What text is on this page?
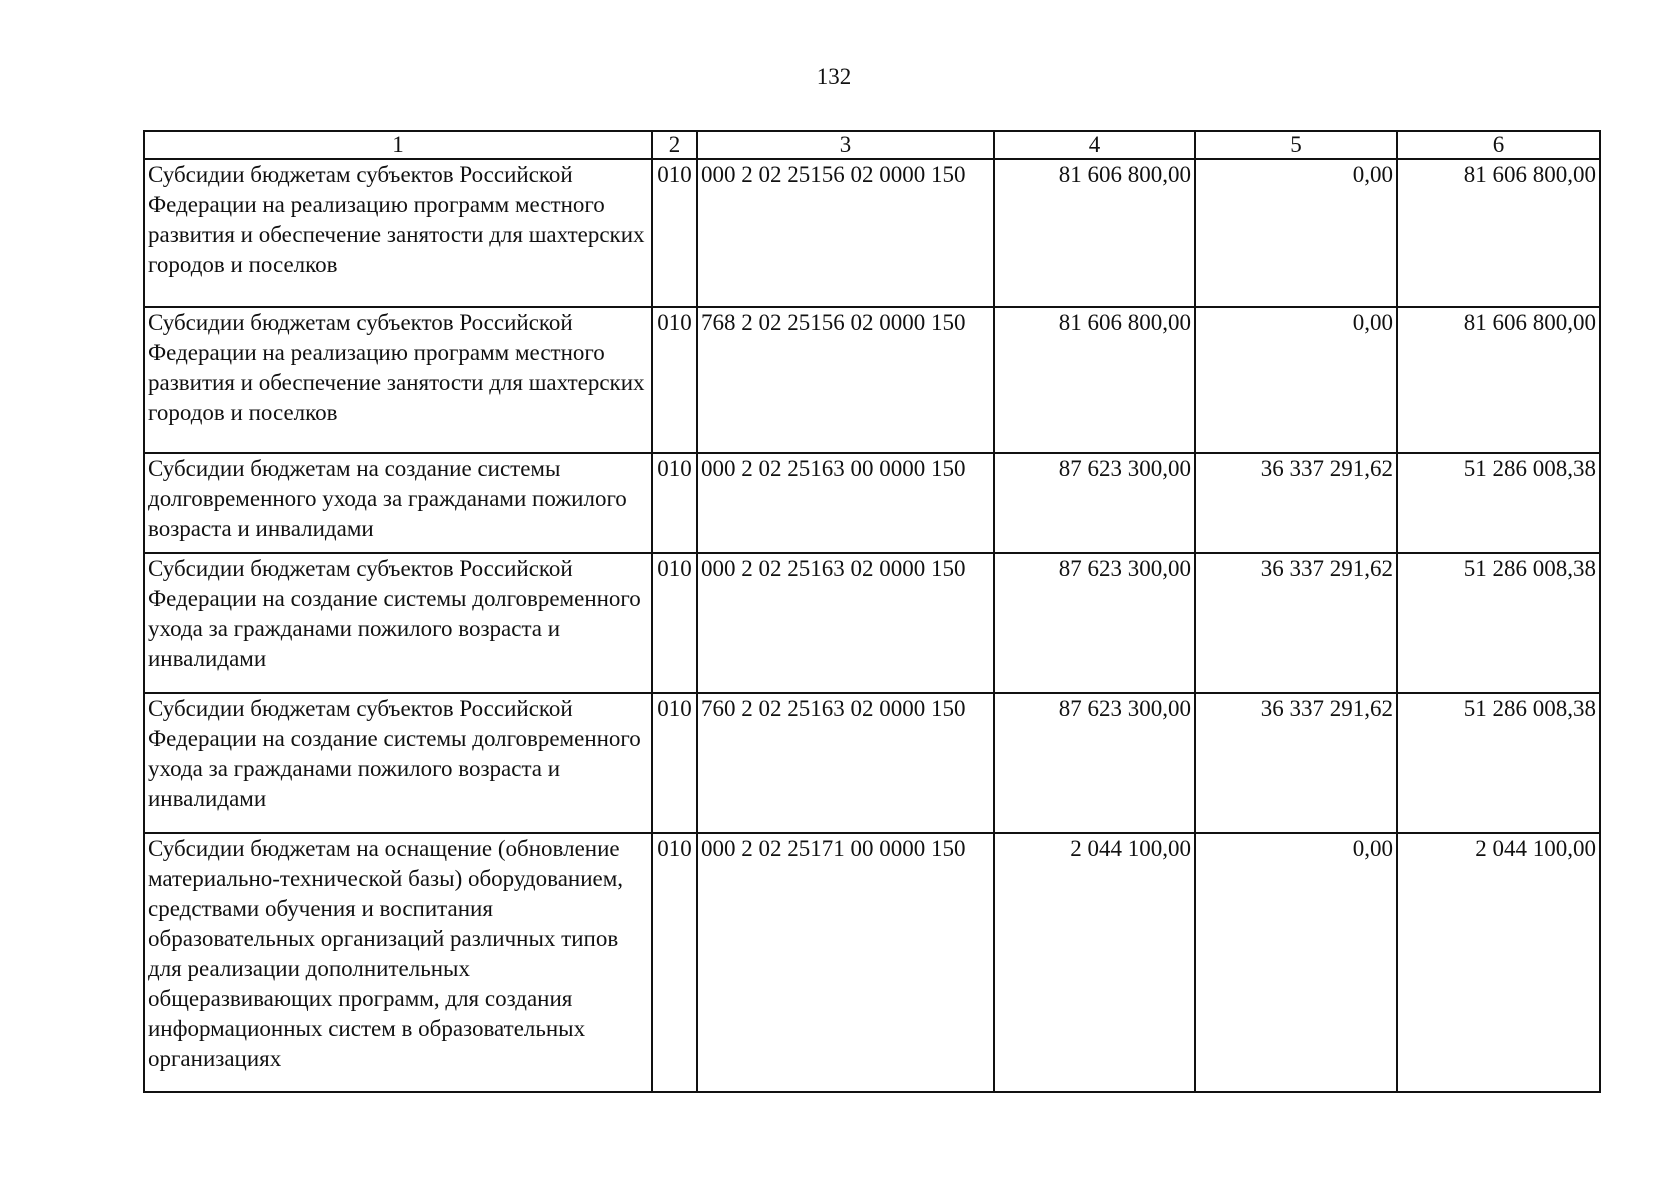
132
1	2	3	4	5	6
Субсидии бюджетам субъектов Российской Федерации на реализацию программ местного развития и обеспечение занятости для шахтерских городов и поселков	010	000 2 02 25156 02 0000 150	81 606 800,00	0,00	81 606 800,00
Субсидии бюджетам субъектов Российской Федерации на реализацию программ местного развития и обеспечение занятости для шахтерских городов и поселков	010	768 2 02 25156 02 0000 150	81 606 800,00	0,00	81 606 800,00
Субсидии бюджетам на создание системы долговременного ухода за гражданами пожилого возраста и инвалидами	010	000 2 02 25163 00 0000 150	87 623 300,00	36 337 291,62	51 286 008,38
Субсидии бюджетам субъектов Российской Федерации на создание системы долговременного ухода за гражданами пожилого возраста и инвалидами	010	000 2 02 25163 02 0000 150	87 623 300,00	36 337 291,62	51 286 008,38
Субсидии бюджетам субъектов Российской Федерации на создание системы долговременного ухода за гражданами пожилого возраста и инвалидами	010	760 2 02 25163 02 0000 150	87 623 300,00	36 337 291,62	51 286 008,38
Субсидии бюджетам на оснащение (обновление материально-технической базы) оборудованием, средствами обучения и воспитания образовательных организаций различных типов для реализации дополнительных общеразвивающих программ, для создания информационных систем в образовательных организациях	010	000 2 02 25171 00 0000 150	2 044 100,00	0,00	2 044 100,00
